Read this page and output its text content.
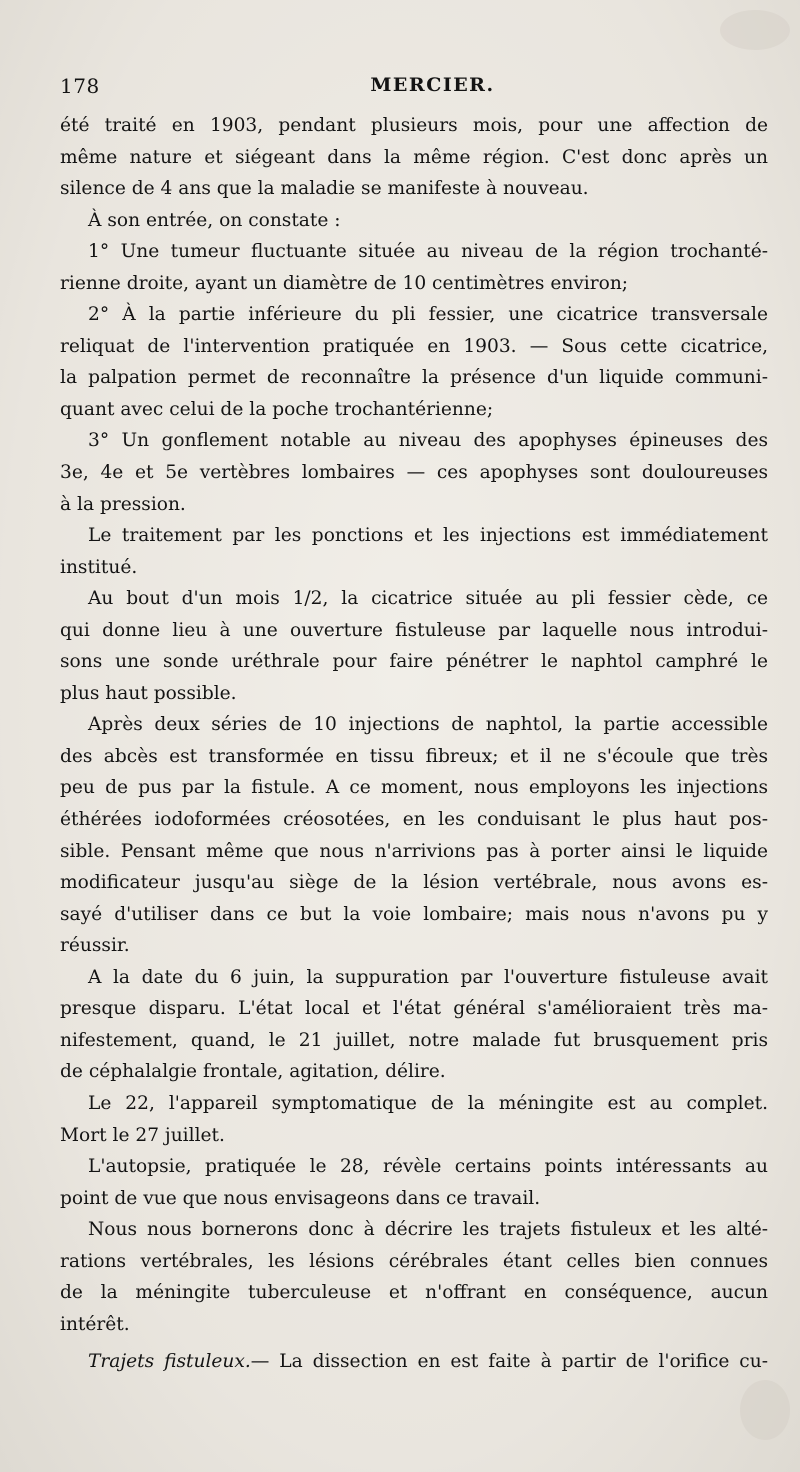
178	MERCIER.

été traité en 1903, pendant plusieurs mois, pour une affection de

même nature et siégeant dans la même région. C'est donc après un

silence de 4 ans que la maladie se manifeste à nouveau.

À son entrée, on constate :

1° Une tumeur fluctuante située au niveau de la région trochanté-

rienne droite, ayant un diamètre de 10 centimètres environ;

2° À la partie inférieure du pli fessier, une cicatrice transversale

reliquat de l'intervention pratiquée en 1903. — Sous cette cicatrice,

la palpation permet de reconnaître la présence d'un liquide communi-

quant avec celui de la poche trochantérienne;

3° Un gonflement notable au niveau des apophyses épineuses des

3e, 4e et 5e vertèbres lombaires — ces apophyses sont douloureuses

à la pression.

Le traitement par les ponctions et les injections est immédiatement

institué.

Au bout d'un mois 1/2, la cicatrice située au pli fessier cède, ce

qui donne lieu à une ouverture fistuleuse par laquelle nous introdui-

sons une sonde uréthrale pour faire pénétrer le naphtol camphré le

plus haut possible.

Après deux séries de 10 injections de naphtol, la partie accessible

des abcès est transformée en tissu fibreux; et il ne s'écoule que très

peu de pus par la fistule. A ce moment, nous employons les injections

éthérées iodoformées créosotées, en les conduisant le plus haut pos-

sible. Pensant même que nous n'arrivions pas à porter ainsi le liquide

modificateur jusqu'au siège de la lésion vertébrale, nous avons es-

sayé d'utiliser dans ce but la voie lombaire; mais nous n'avons pu y

réussir.

A la date du 6 juin, la suppuration par l'ouverture fistuleuse avait

presque disparu. L'état local et l'état général s'amélioraient très ma-

nifestement, quand, le 21 juillet, notre malade fut brusquement pris

de céphalalgie frontale, agitation, délire.

Le 22, l'appareil symptomatique de la méningite est au complet.

Mort le 27 juillet.

L'autopsie, pratiquée le 28, révèle certains points intéressants au

point de vue que nous envisageons dans ce travail.

Nous nous bornerons donc à décrire les trajets fistuleux et les alté-

rations vertébrales, les lésions cérébrales étant celles bien connues

de la méningite tuberculeuse et n'offrant en conséquence, aucun

intérêt.

Trajets fistuleux.— La dissection en est faite à partir de l'orifice cu-
